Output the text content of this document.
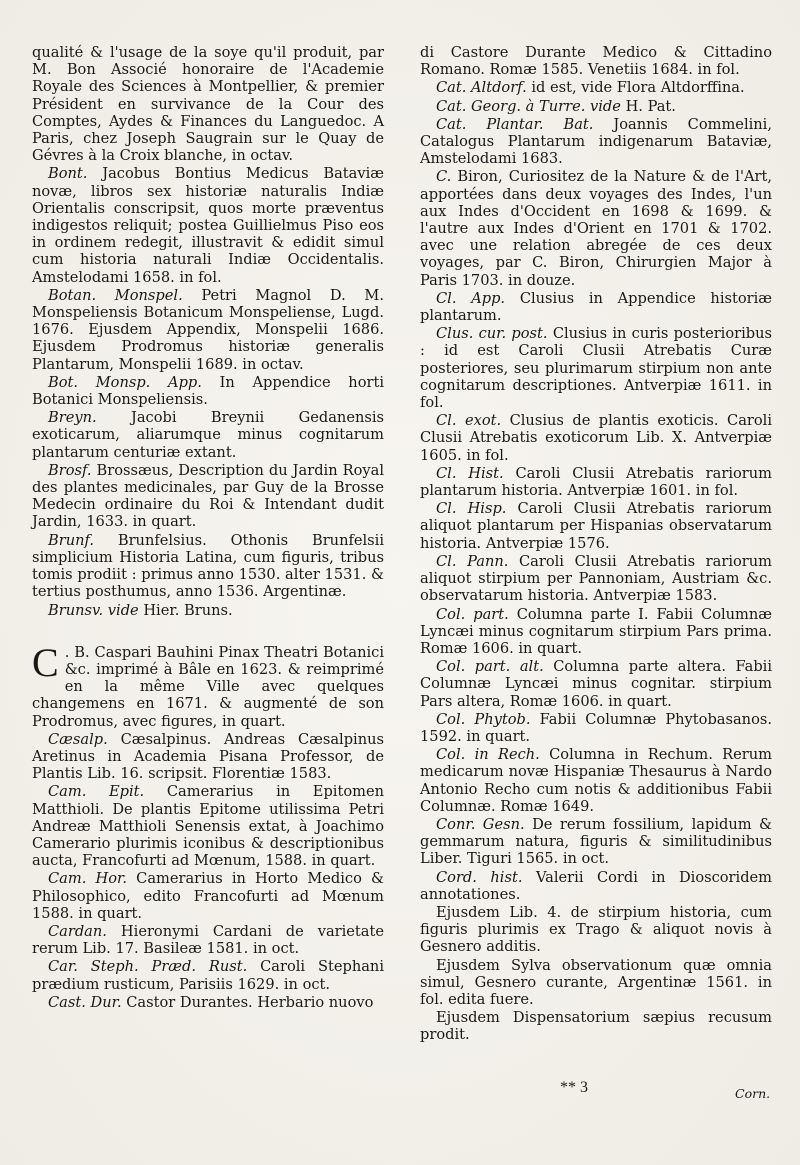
qualité & l'usage de la soye qu'il produit, par M. Bon Associé honoraire de l'Academie Royale des Sciences à Montpellier, & premier Président en survivance de la Cour des Comptes, Aydes & Finances du Languedoc. A Paris, chez Joseph Saugrain sur le Quay de Gévres à la Croix blanche, in octav.

Bont. Jacobus Bontius Medicus Bataviæ novæ, libros sex historiæ naturalis Indiæ Orientalis conscripsit, quos morte præventus indigestos reliquit; postea Guillielmus Piso eos in ordinem redegit, illustravit & edidit simul cum historia naturali Indiæ Occidentalis. Amstelodami 1658. in fol.

Botan. Monspel. Petri Magnol D. M. Monspeliensis Botanicum Monspeliense, Lugd. 1676. Ejusdem Appendix, Monspelii 1686. Ejusdem Prodromus historiæ generalis Plantarum, Monspelii 1689. in octav.

Bot. Monsp. App. In Appendice horti Botanici Monspeliensis.

Breyn. Jacobi Breynii Gedanensis exoticarum, aliarumque minus cognitarum plantarum centuriæ extant.

Brosf. Brossæus, Description du Jardin Royal des plantes medicinales, par Guy de la Brosse Medecin ordinaire du Roi & Intendant dudit Jardin, 1633. in quart.

Brunf. Brunfelsius. Othonis Brunfelsii simplicium Historia Latina, cum figuris, tribus tomis prodiit : primus anno 1530. alter 1531. & tertius posthumus, anno 1536. Argentinæ.

Brunsv. vide Hier. Bruns.

C . B. Caspari Bauhini Pinax Theatri Botanici &c. imprimé à Bâle en 1623. & reimprimé en la même Ville avec quelques changemens en 1671. & augmenté de son Prodromus, avec figures, in quart.

Cæsalp. Cæsalpinus. Andreas Cæsalpinus Aretinus in Academia Pisana Professor, de Plantis Lib. 16. scripsit. Florentiæ 1583.

Cam. Epit. Camerarius in Epitomen Matthioli. De plantis Epitome utilissima Petri Andreæ Matthioli Senensis extat, à Joachimo Camerario plurimis iconibus & descriptionibus aucta, Francofurti ad Mœnum, 1588. in quart.

Cam. Hor. Camerarius in Horto Medico & Philosophico, edito Francofurti ad Mœnum 1588. in quart.

Cardan. Hieronymi Cardani de varietate rerum Lib. 17. Basileæ 1581. in oct.

Car. Steph. Præd. Rust. Caroli Stephani prædium rusticum, Parisiis 1629. in oct.

Cast. Dur. Castor Durantes. Herbario nuovo

di Castore Durante Medico & Cittadino Romano. Romæ 1585. Venetiis 1684. in fol.

Cat. Altdorf. id est, vide Flora Altdorffina.

Cat. Georg. à Turre. vide H. Pat.

Cat. Plantar. Bat. Joannis Commelini, Catalogus Plantarum indigenarum Bataviæ, Amstelodami 1683.

C. Biron, Curiositez de la Nature & de l'Art, apportées dans deux voyages des Indes, l'un aux Indes d'Occident en 1698 & 1699. & l'autre aux Indes d'Orient en 1701 & 1702. avec une relation abregée de ces deux voyages, par C. Biron, Chirurgien Major à Paris 1703. in douze.

Cl. App. Clusius in Appendice historiæ plantarum.

Clus. cur. post. Clusius in curis posterioribus : id est Caroli Clusii Atrebatis Curæ posteriores, seu plurimarum stirpium non ante cognitarum descriptiones. Antverpiæ 1611. in fol.

Cl. exot. Clusius de plantis exoticis. Caroli Clusii Atrebatis exoticorum Lib. X. Antverpiæ 1605. in fol.

Cl. Hist. Caroli Clusii Atrebatis rariorum plantarum historia. Antverpiæ 1601. in fol.

Cl. Hisp. Caroli Clusii Atrebatis rariorum aliquot plantarum per Hispanias observatarum historia. Antverpiæ 1576.

Cl. Pann. Caroli Clusii Atrebatis rariorum aliquot stirpium per Pannoniam, Austriam &c. observatarum historia. Antverpiæ 1583.

Col. part. Columna parte I. Fabii Columnæ Lyncæi minus cognitarum stirpium Pars prima. Romæ 1606. in quart.

Col. part. alt. Columna parte altera. Fabii Columnæ Lyncæi minus cognitar. stirpium Pars altera, Romæ 1606. in quart.

Col. Phytob. Fabii Columnæ Phytobasanos. 1592. in quart.

Col. in Rech. Columna in Rechum. Rerum medicarum novæ Hispaniæ Thesaurus à Nardo Antonio Recho cum notis & additionibus Fabii Columnæ. Romæ 1649.

Conr. Gesn. De rerum fossilium, lapidum & gemmarum natura, figuris & similitudinibus Liber. Tiguri 1565. in oct.

Cord. hist. Valerii Cordi in Dioscoridem annotationes.

Ejusdem Lib. 4. de stirpium historia, cum figuris plurimis ex Trago & aliquot novis à Gesnero additis.

Ejusdem Sylva observationum quæ omnia simul, Gesnero curante, Argentinæ 1561. in fol. edita fuere.

Ejusdem Dispensatorium sæpius recusum prodit.

** 3	Corn.
